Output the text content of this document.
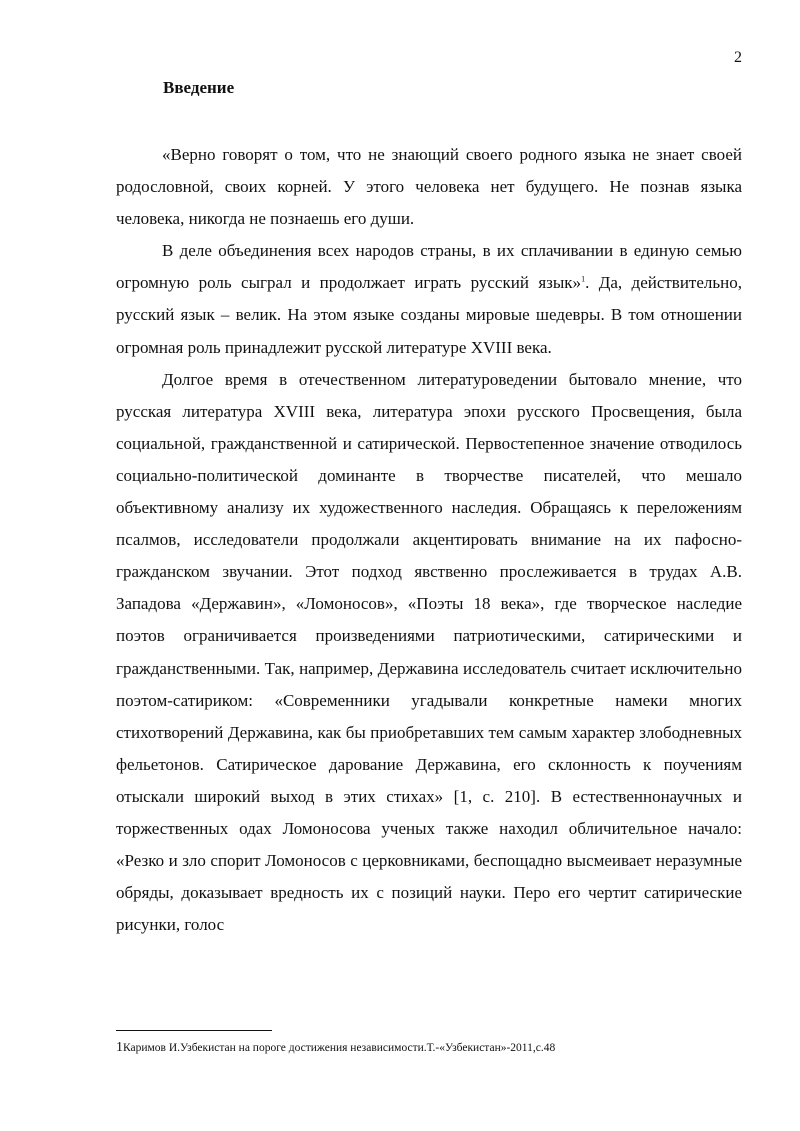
2
Введение

«Верно говорят о том, что не знающий своего родного языка не знает своей родословной, своих корней. У этого человека нет будущего. Не познав языка человека, никогда не познаешь его души.

В деле объединения всех народов страны, в их сплачивании в единую семью огромную роль сыграл и продолжает играть русский язык»$^1$. Да, действительно, русский язык – велик. На этом языке созданы мировые шедевры. В том отношении огромная роль принадлежит русской литературе XVIII века.

Долгое время в отечественном литературоведении бытовало мнение, что русская литература XVIII века, литература эпохи русского Просвещения, была социальной, гражданственной и сатирической. Первостепенное значение отводилось социально-политической доминанте в творчестве писателей, что мешало объективному анализу их художественного наследия. Обращаясь к переложениям псалмов, исследователи продолжали акцентировать внимание на их пафосно-гражданском звучании. Этот подход явственно прослеживается в трудах А.В. Западова «Державин», «Ломоносов», «Поэты 18 века», где творческое наследие поэтов ограничивается произведениями патриотическими, сатирическими и гражданственными. Так, например, Державина исследователь считает исключительно поэтом-сатириком: «Современники угадывали конкретные намеки многих стихотворений Державина, как бы приобретавших тем самым характер злободневных фельетонов. Сатирическое дарование Державина, его склонность к поучениям отыскали широкий выход в этих стихах» [1, с. 210]. В естественнонаучных и торжественных одах Ломоносова ученых также находил обличительное начало: «Резко и зло спорит Ломоносов с церковниками, беспощадно высмеивает неразумные обряды, доказывает вредность их с позиций науки. Перо его чертит сатирические рисунки, голос

1Каримов И.Узбекистан на пороге достижения независимости.Т.-«Узбекистан»-2011,с.48
